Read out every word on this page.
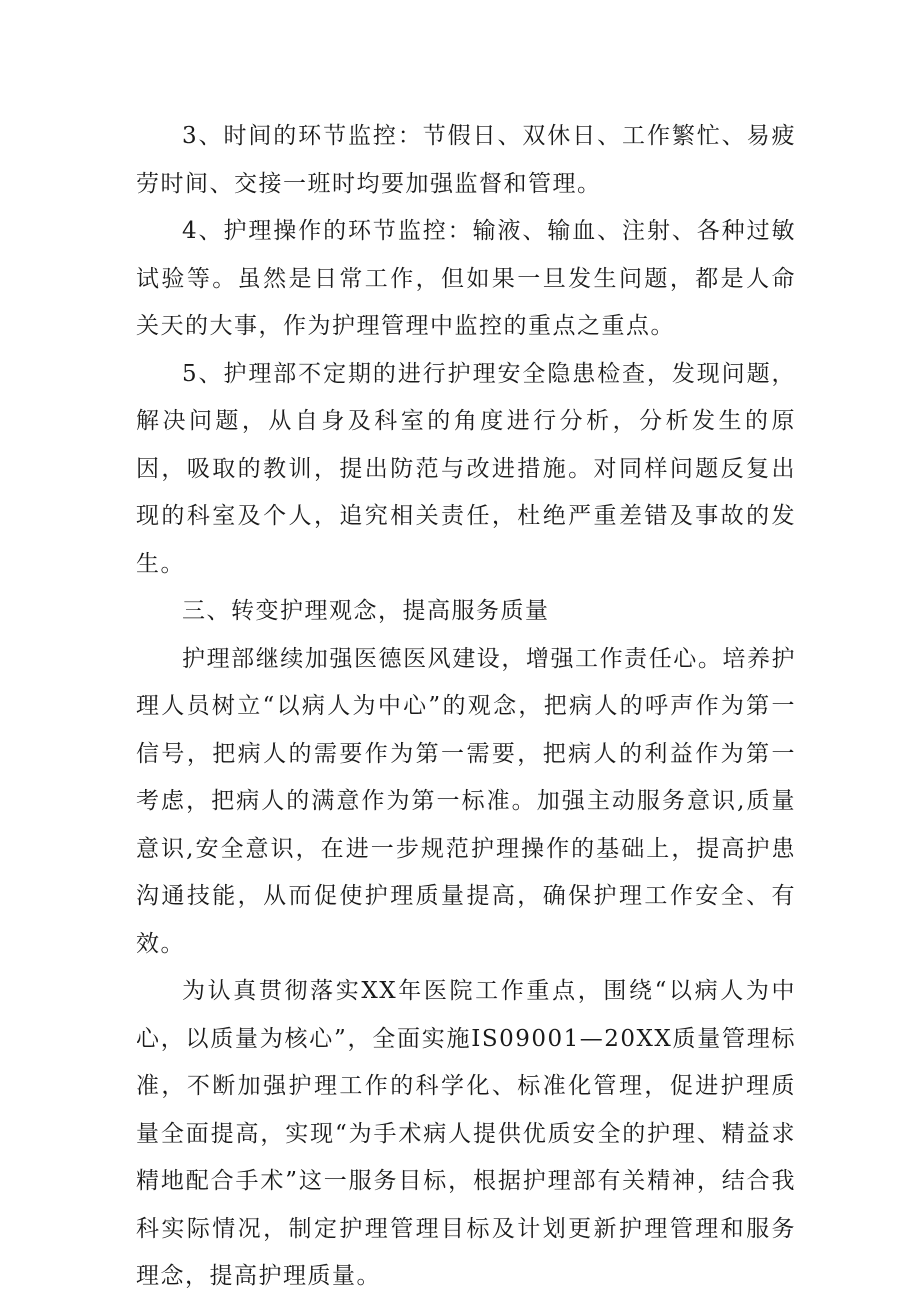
3、时间的环节监控：节假日、双休日、工作繁忙、易疲劳时间、交接一班时均要加强监督和管理。

4、护理操作的环节监控：输液、输血、注射、各种过敏试验等。虽然是日常工作，但如果一旦发生问题，都是人命关天的大事，作为护理管理中监控的重点之重点。

5、护理部不定期的进行护理安全隐患检查，发现问题，解决问题，从自身及科室的角度进行分析，分析发生的原因，吸取的教训，提出防范与改进措施。对同样问题反复出现的科室及个人，追究相关责任，杜绝严重差错及事故的发生。

三、转变护理观念，提高服务质量

护理部继续加强医德医风建设，增强工作责任心。培养护理人员树立“以病人为中心”的观念，把病人的呼声作为第一信号，把病人的需要作为第一需要，把病人的利益作为第一考虑，把病人的满意作为第一标准。加强主动服务意识,质量意识,安全意识，在进一步规范护理操作的基础上，提高护患沟通技能，从而促使护理质量提高，确保护理工作安全、有效。

为认真贯彻落实XX年医院工作重点，围绕“以病人为中心，以质量为核心”，全面实施IS09001—20XX质量管理标准，不断加强护理工作的科学化、标准化管理，促进护理质量全面提高，实现“为手术病人提供优质安全的护理、精益求精地配合手术”这一服务目标，根据护理部有关精神，结合我科实际情况，制定护理管理目标及计划更新护理管理和服务理念，提高护理质量。
